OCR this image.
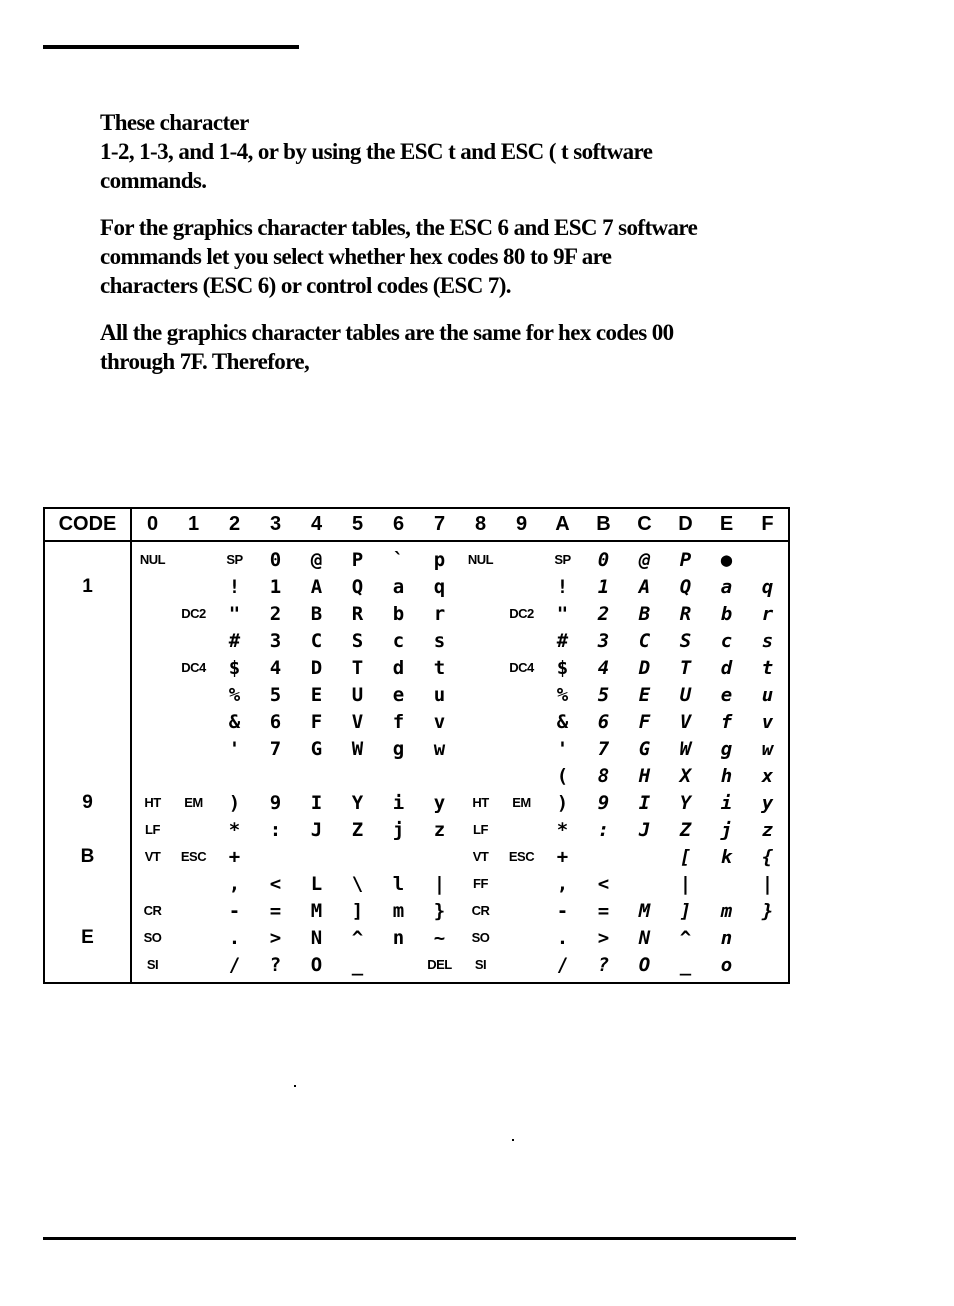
These character
1-2, 1-3, and 1-4, or by using the ESC t and ESC ( t software
commands.

For the graphics character tables, the ESC 6 and ESC 7 software
commands let you select whether hex codes 80 to 9F are
characters (ESC 6) or control codes (ESC 7).

All the graphics character tables are the same for hex codes 00
through 7F. Therefore,

CODE	0	1	2	3	4	5	6	7	8	9	A	B	C	D	E	F
	NUL		SP	0	@	P	`	p	NUL		SP	0	@	P	●	
1			!	1	A	Q	a	q			!	1	A	Q	a	q
		DC2	"	2	B	R	b	r		DC2	"	2	B	R	b	r
			#	3	C	S	c	s			#	3	C	S	c	s
		DC4	$	4	D	T	d	t		DC4	$	4	D	T	d	t
			%	5	E	U	e	u			%	5	E	U	e	u
			&	6	F	V	f	v			&	6	F	V	f	v
			'	7	G	W	g	w			'	7	G	W	g	w
											(	8	H	X	h	x
9	HT	EM	)	9	I	Y	i	y	HT	EM	)	9	I	Y	i	y
	LF		*	:	J	Z	j	z	LF		*	:	J	Z	j	z
B	VT	ESC	+						VT	ESC	+			[	k	{
			,	<	L	\	l	|	FF		,	<		|		|
	CR		-	=	M	]	m	}	CR		-	=	M	]	m	}
E	SO		.	>	N	^	n	~	SO		.	>	N	^	n	
	SI		/	?	O	_		DEL	SI		/	?	O	_	o	
